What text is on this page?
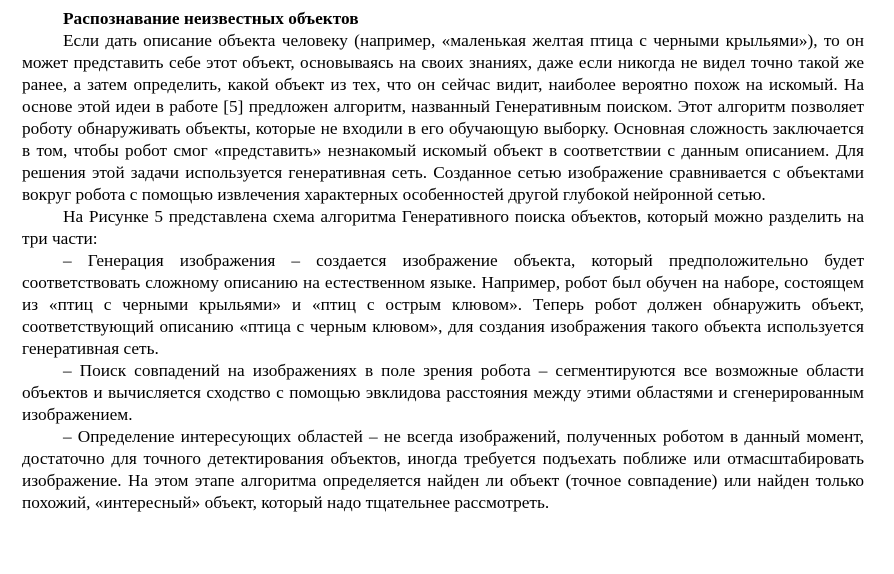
Распознавание неизвестных объектов

Если дать описание объекта человеку (например, «маленькая желтая птица с черными крыльями»), то он может представить себе этот объект, основываясь на своих знаниях, даже если никогда не видел точно такой же ранее, а затем определить, какой объект из тех, что он сейчас видит, наиболее вероятно похож на искомый. На основе этой идеи в работе [5] предложен алгоритм, названный Генеративным поиском. Этот алгоритм позволяет роботу обнаруживать объекты, которые не входили в его обучающую выборку. Основная сложность заключается в том, чтобы робот смог «представить» незнакомый искомый объект в соответствии с данным описанием. Для решения этой задачи используется генеративная сеть. Созданное сетью изображение сравнивается с объектами вокруг робота с помощью извлечения характерных особенностей другой глубокой нейронной сетью.

На Рисунке 5 представлена схема алгоритма Генеративного поиска объектов, который можно разделить на три части:

– Генерация изображения – создается изображение объекта, который предположительно будет соответствовать сложному описанию на естественном языке. Например, робот был обучен на наборе, состоящем из «птиц с черными крыльями» и «птиц с острым клювом». Теперь робот должен обнаружить объект, соответствующий описанию «птица с черным клювом», для создания изображения такого объекта используется генеративная сеть.

– Поиск совпадений на изображениях в поле зрения робота – сегментируются все возможные области объектов и вычисляется сходство с помощью эвклидова расстояния между этими областями и сгенерированным изображением.

– Определение интересующих областей – не всегда изображений, полученных роботом в данный момент, достаточно для точного детектирования объектов, иногда требуется подъехать поближе или отмасштабировать изображение. На этом этапе алгоритма определяется найден ли объект (точное совпадение) или найден только похожий, «интересный» объект, который надо тщательнее рассмотреть.
